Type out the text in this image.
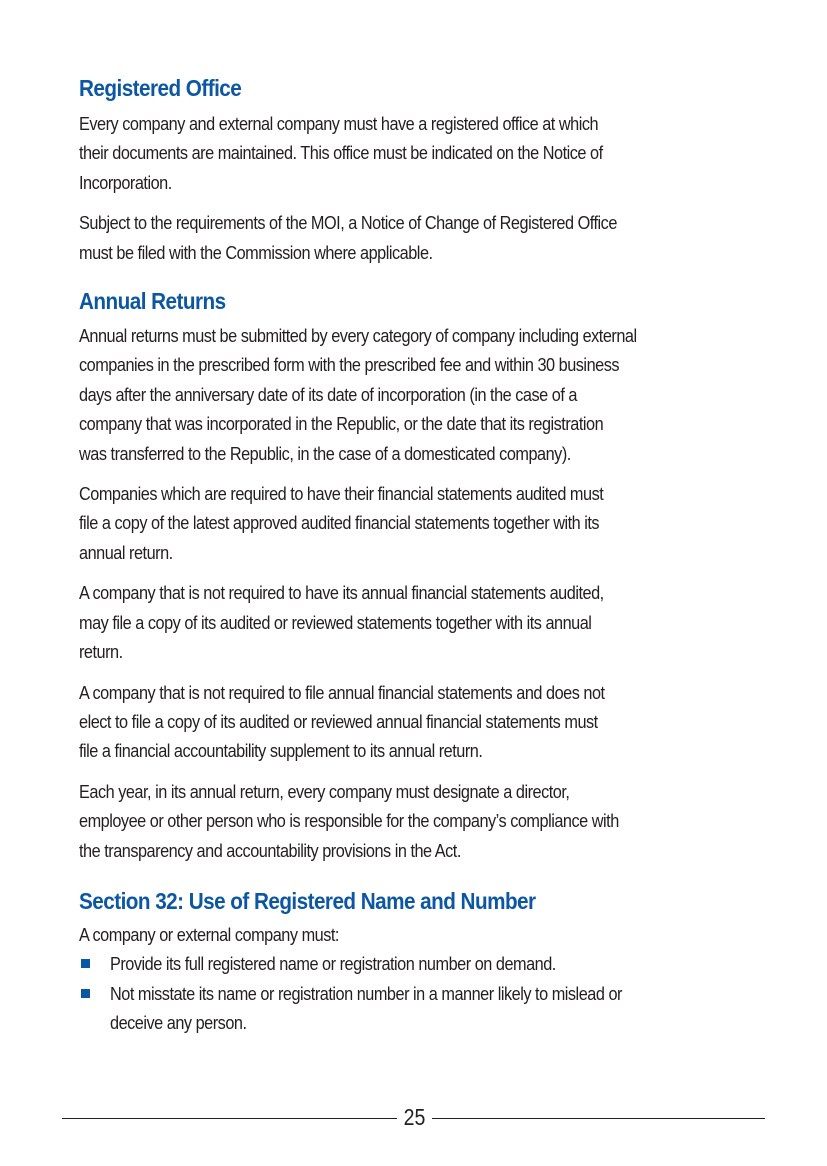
Registered Office

Every company and external company must have a registered office at which
their documents are maintained. This office must be indicated on the Notice of
Incorporation.

Subject to the requirements of the MOI, a Notice of Change of Registered Office
must be filed with the Commission where applicable.

Annual Returns

Annual returns must be submitted by every category of company including external
companies in the prescribed form with the prescribed fee and within 30 business
days after the anniversary date of its date of incorporation (in the case of a
company that was incorporated in the Republic, or the date that its registration
was transferred to the Republic, in the case of a domesticated company).

Companies which are required to have their financial statements audited must
file a copy of the latest approved audited financial statements together with its
annual return.

A company that is not required to have its annual financial statements audited,
may file a copy of its audited or reviewed statements together with its annual
return.

A company that is not required to file annual financial statements and does not
elect to file a copy of its audited or reviewed annual financial statements must
file a financial accountability supplement to its annual return.

Each year, in its annual return, every company must designate a director,
employee or other person who is responsible for the company’s compliance with
the transparency and accountability provisions in the Act.

Section 32: Use of Registered Name and Number

A company or external company must:

Provide its full registered name or registration number on demand.

Not misstate its name or registration number in a manner likely to mislead or
deceive any person.

25
